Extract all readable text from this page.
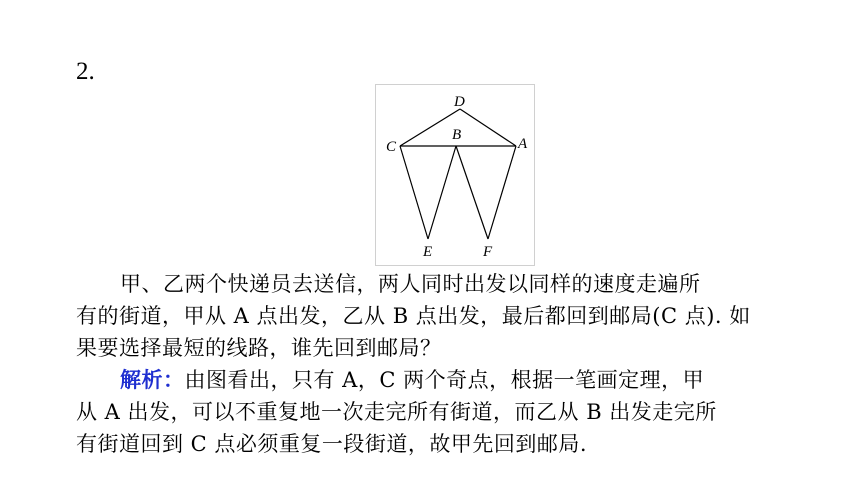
2.
D
C
B
A
E	F
甲、乙两个快递员去送信，两人同时出发以同样的速度走遍所
有的街道，甲从 A 点出发，乙从 B 点出发，最后都回到邮局(C 点). 如
果要选择最短的线路，谁先回到邮局？
解析：由图看出，只有 A，C 两个奇点，根据一笔画定理，甲
从 A 出发，可以不重复地一次走完所有街道，而乙从 B 出发走完所
有街道回到 C 点必须重复一段街道，故甲先回到邮局.
